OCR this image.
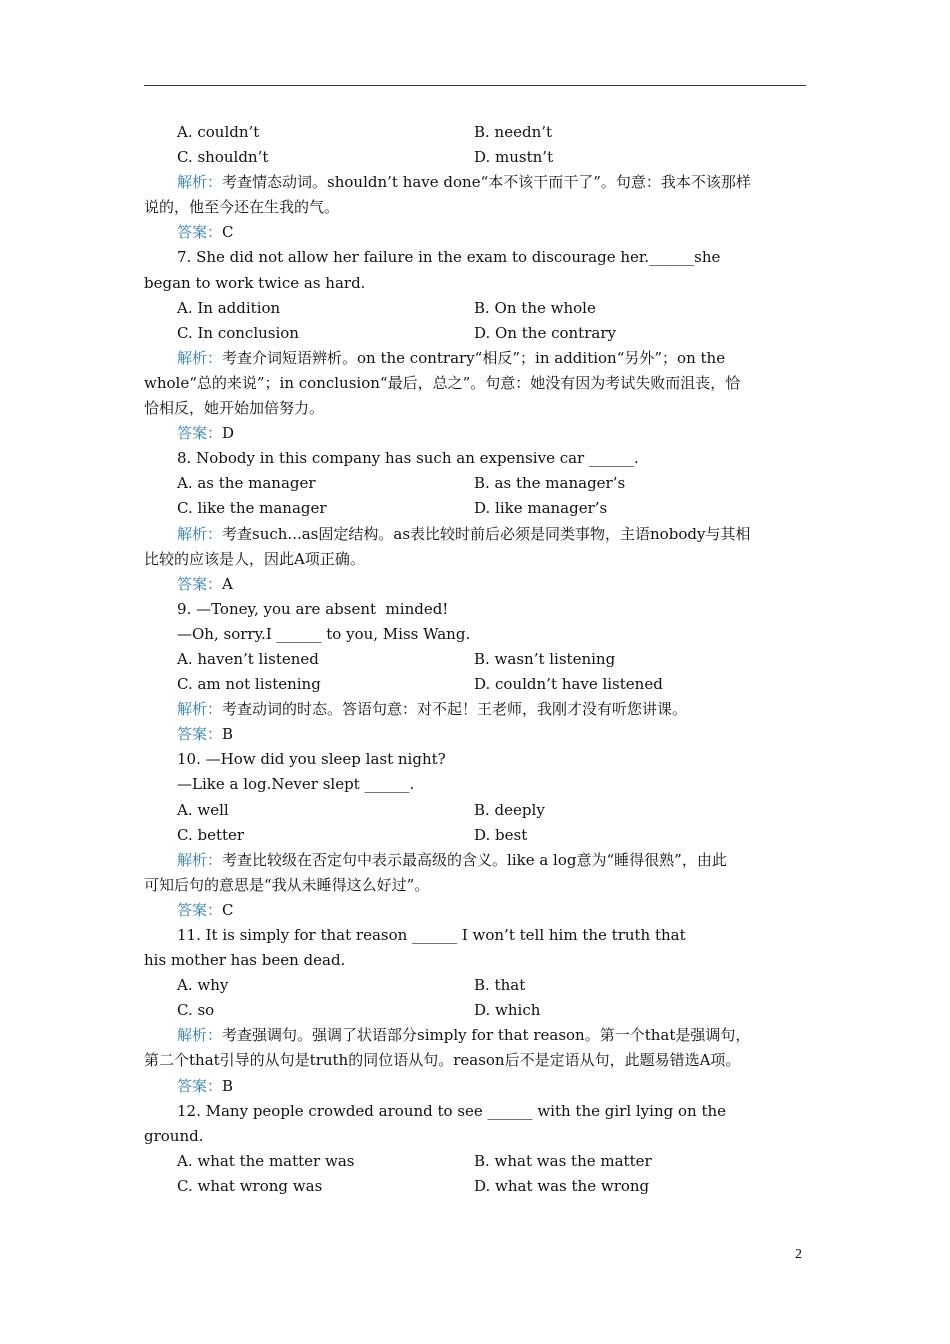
A. couldn’t	B. needn’t
C. shouldn’t	D. mustn’t
解析： 考查情态动词。shouldn’t have done“本不该干而干了”。句意：我本不该那样
说的，他至今还在生我的气。
答案： C
7. She did not allow her failure in the exam to discourage her.______she
began to work twice as hard.
A. In addition	B. On the whole
C. In conclusion	D. On the contrary
解析： 考查介词短语辨析。on the contrary“相反”；in addition“另外”；on the
whole“总的来说”；in conclusion“最后，总之”。句意：她没有因为考试失败而沮丧，恰
恰相反，她开始加倍努力。
答案： D
8. Nobody in this company has such an expensive car ______.
A. as the manager	B. as the manager’s
C. like the manager	D. like manager’s
解析： 考查such...as固定结构。as表比较时前后必须是同类事物，主语nobody与其相
比较的应该是人，因此A项正确。
答案： A
9. —Toney, you are absent  minded!
—Oh, sorry.I ______ to you, Miss Wang.
A. haven’t listened	B. wasn’t listening
C. am not listening	D. couldn’t have listened
解析： 考查动词的时态。答语句意：对不起！王老师，我刚才没有听您讲课。
答案： B
10. —How did you sleep last night?
—Like a log.Never slept ______.
A. well	B. deeply
C. better	D. best
解析： 考查比较级在否定句中表示最高级的含义。like a log意为“睡得很熟”，由此
可知后句的意思是“我从未睡得这么好过”。
答案： C
11. It is simply for that reason ______ I won’t tell him the truth that
his mother has been dead.
A. why	B. that
C. so	D. which
解析： 考查强调句。强调了状语部分simply for that reason。第一个that是强调句，
第二个that引导的从句是truth的同位语从句。reason后不是定语从句，此题易错选A项。
答案： B
12. Many people crowded around to see ______ with the girl lying on the
ground.
A. what the matter was	B. what was the matter
C. what wrong was	D. what was the wrong
2
